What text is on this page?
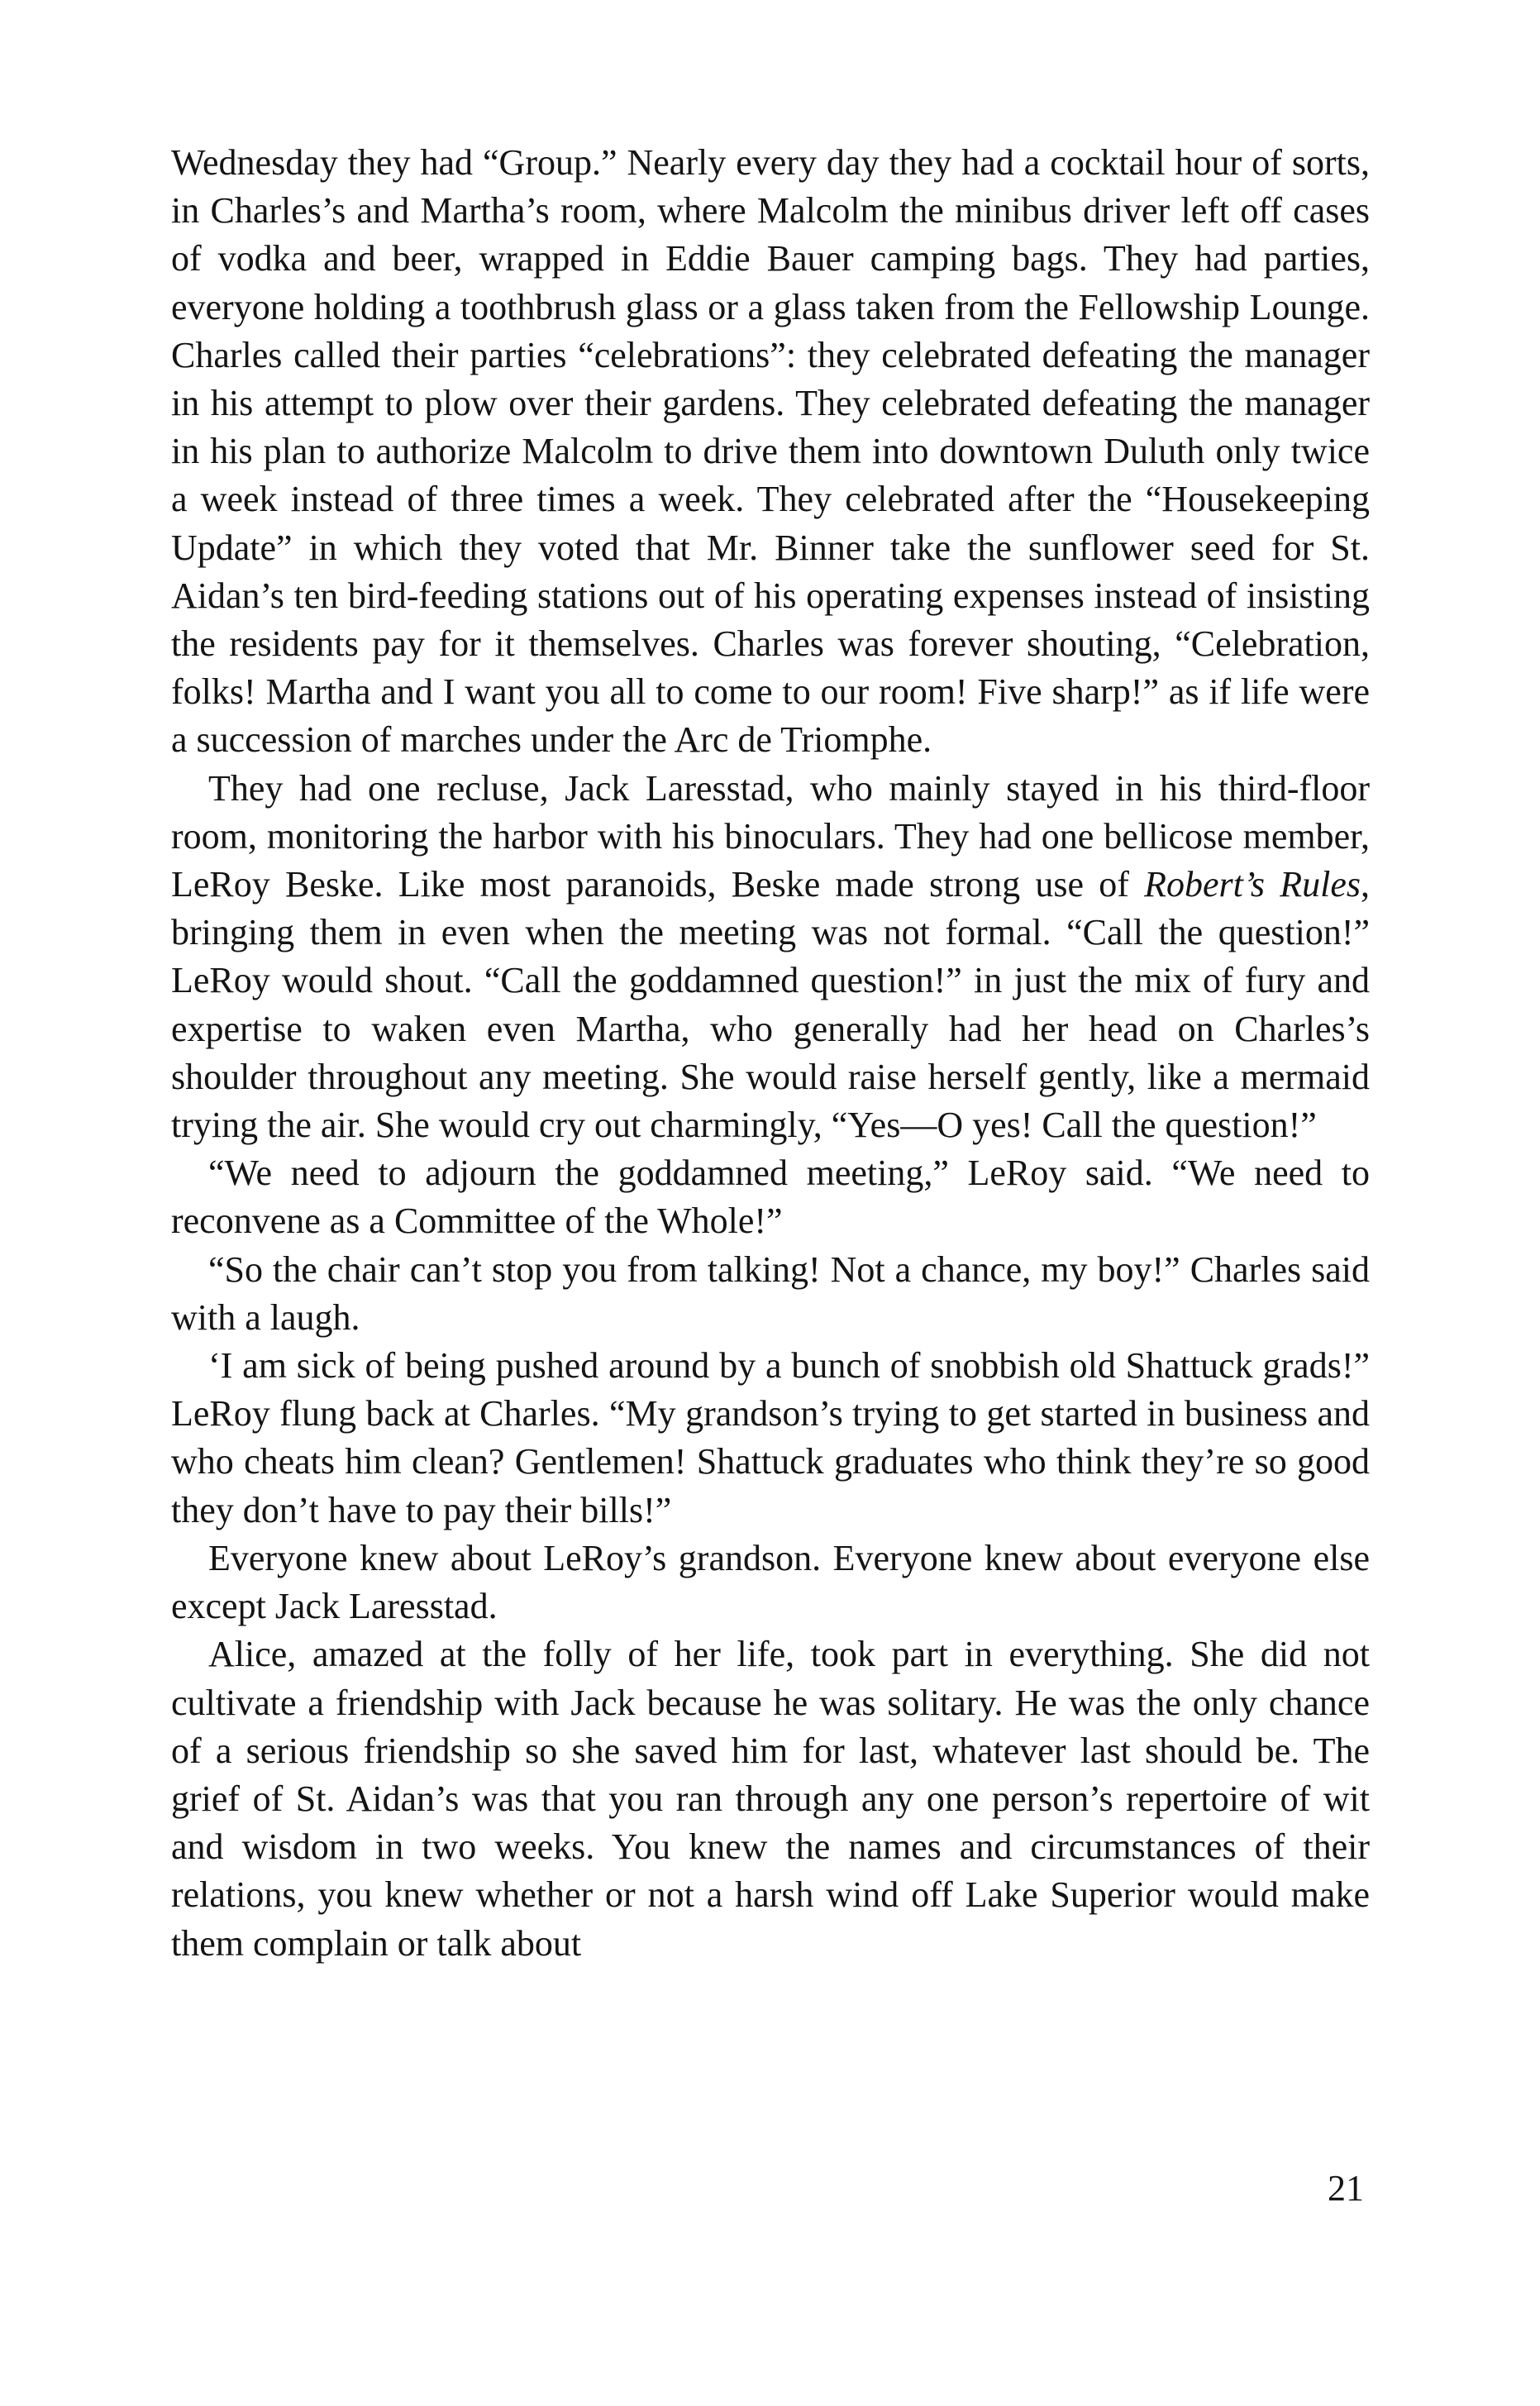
Wednesday they had “Group.” Nearly every day they had a cocktail hour of sorts, in Charles’s and Martha’s room, where Malcolm the minibus driver left off cases of vodka and beer, wrapped in Eddie Bauer camping bags. They had parties, everyone holding a toothbrush glass or a glass taken from the Fellowship Lounge. Charles called their parties “celebrations”: they celebrated defeating the manager in his attempt to plow over their gardens. They celebrated defeating the manager in his plan to authorize Malcolm to drive them into downtown Duluth only twice a week instead of three times a week. They celebrated after the “Housekeeping Update” in which they voted that Mr. Binner take the sunflower seed for St. Aidan’s ten bird-feeding stations out of his operating expenses instead of insisting the residents pay for it themselves. Charles was forever shouting, “Celebration, folks! Martha and I want you all to come to our room! Five sharp!” as if life were a succession of marches under the Arc de Triomphe.

They had one recluse, Jack Laresstad, who mainly stayed in his third-floor room, monitoring the harbor with his binoculars. They had one bellicose member, LeRoy Beske. Like most paranoids, Beske made strong use of Robert’s Rules, bringing them in even when the meeting was not formal. “Call the question!” LeRoy would shout. “Call the goddamned question!” in just the mix of fury and expertise to waken even Martha, who generally had her head on Charles’s shoulder throughout any meeting. She would raise herself gently, like a mermaid trying the air. She would cry out charmingly, “Yes—O yes! Call the question!”

“We need to adjourn the goddamned meeting,” LeRoy said. “We need to reconvene as a Committee of the Whole!”

“So the chair can’t stop you from talking! Not a chance, my boy!” Charles said with a laugh.

‘I am sick of being pushed around by a bunch of snobbish old Shattuck grads!” LeRoy flung back at Charles. “My grandson’s trying to get started in business and who cheats him clean? Gentlemen! Shattuck graduates who think they’re so good they don’t have to pay their bills!”

Everyone knew about LeRoy’s grandson. Everyone knew about everyone else except Jack Laresstad.

Alice, amazed at the folly of her life, took part in everything. She did not cultivate a friendship with Jack because he was solitary. He was the only chance of a serious friendship so she saved him for last, whatever last should be. The grief of St. Aidan’s was that you ran through any one person’s repertoire of wit and wisdom in two weeks. You knew the names and circumstances of their relations, you knew whether or not a harsh wind off Lake Superior would make them complain or talk about

21
